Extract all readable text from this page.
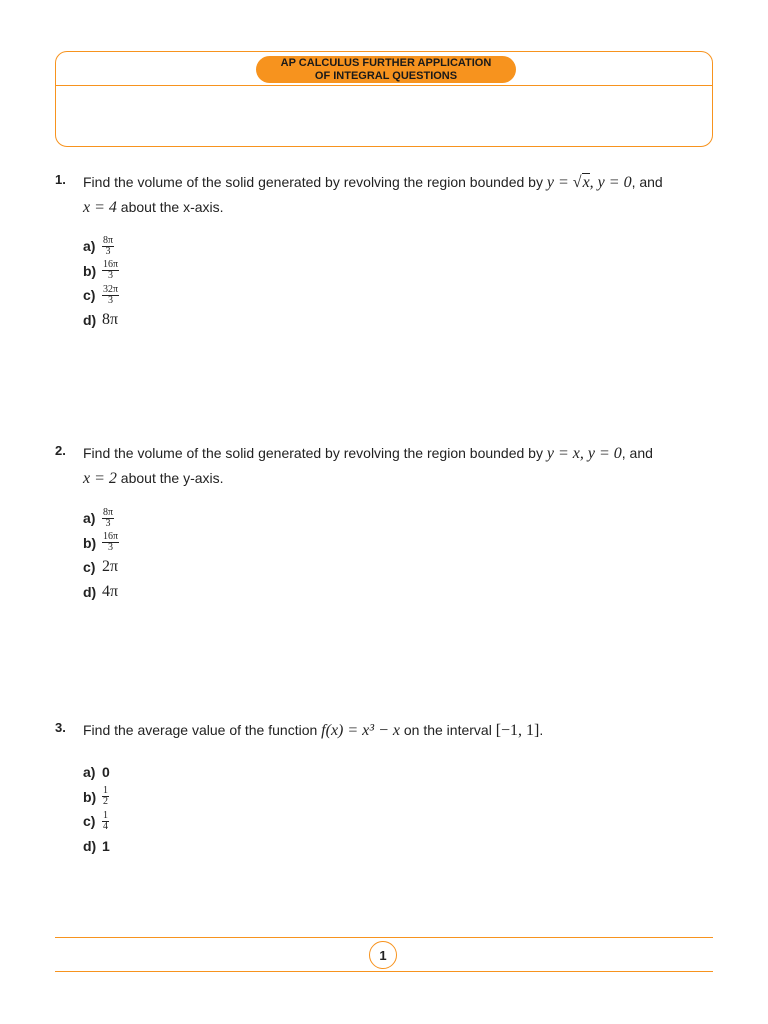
AP CALCULUS FURTHER APPLICATION
OF INTEGRAL QUESTIONS
1. Find the volume of the solid generated by revolving the region bounded by y = √x, y = 0, and
x = 4 about the x-axis.
$a) \frac{8\pi}{3}$
$b) \frac{16\pi}{3}$
$c) \frac{32\pi}{3}$
d) 8π
2. Find the volume of the solid generated by revolving the region bounded by y = x, y = 0, and
x = 2 about the y-axis.
$a) \frac{8\pi}{3}$
$b) \frac{16\pi}{3}$
c) 2π
d) 4π
3. Find the average value of the function f(x) = x³ − x on the interval [−1, 1].
a) 0
$b) \frac{1}{2}$
$c) \frac{1}{4}$
d) 1
1
